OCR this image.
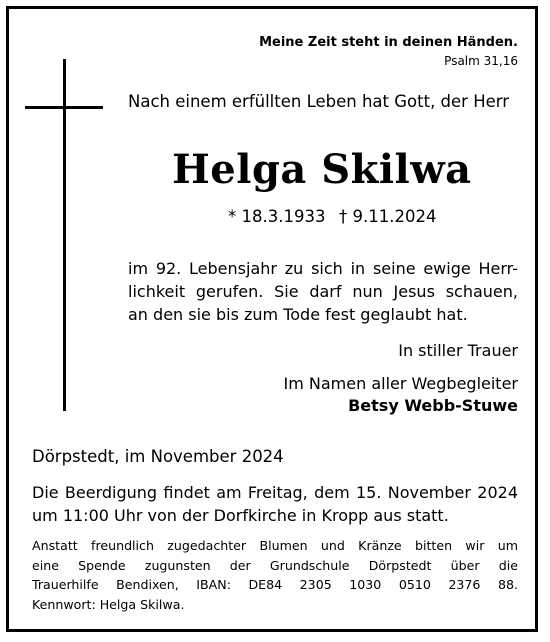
Meine Zeit steht in deinen Händen.
Psalm 31,16
Nach einem erfüllten Leben hat Gott, der Herr
Helga Skilwa
* 18.3.1933 † 9.11.2024
im 92. Lebensjahr zu sich in seine ewige Herr-
lichkeit gerufen. Sie darf nun Jesus schauen,
an den sie bis zum Tode fest geglaubt hat.
In stiller Trauer
Im Namen aller Wegbegleiter
Betsy Webb-Stuwe
Dörpstedt, im November 2024
Die Beerdigung findet am Freitag, dem 15. November 2024
um 11:00 Uhr von der Dorfkirche in Kropp aus statt.
Anstatt freundlich zugedachter Blumen und Kränze bitten wir um
eine Spende zugunsten der Grundschule Dörpstedt über die
Trauerhilfe Bendixen, IBAN: DE84 2305 1030 0510 2376 88.
Kennwort: Helga Skilwa.
